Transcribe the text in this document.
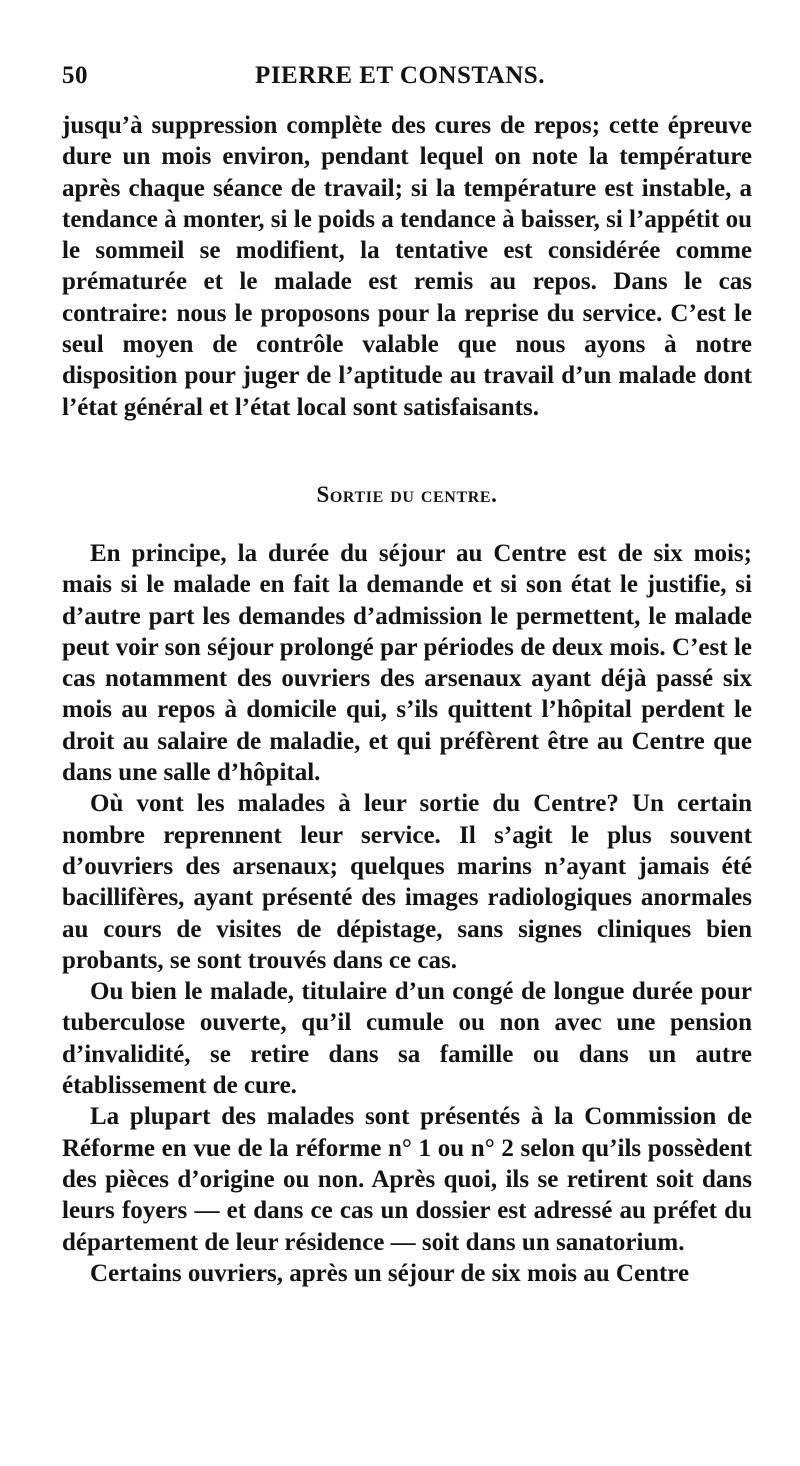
50	PIERRE ET CONSTANS.

jusqu’à suppression complète des cures de repos; cette épreuve dure un mois environ, pendant lequel on note la température après chaque séance de travail; si la température est instable, a tendance à monter, si le poids a tendance à baisser, si l’appétit ou le sommeil se modifient, la tentative est considérée comme prématurée et le malade est remis au repos. Dans le cas contraire: nous le proposons pour la reprise du service. C’est le seul moyen de contrôle valable que nous ayons à notre disposition pour juger de l’aptitude au travail d’un malade dont l’état général et l’état local sont satisfaisants.

Sortie du centre.

En principe, la durée du séjour au Centre est de six mois; mais si le malade en fait la demande et si son état le justifie, si d’autre part les demandes d’admission le permettent, le malade peut voir son séjour prolongé par périodes de deux mois. C’est le cas notamment des ouvriers des arsenaux ayant déjà passé six mois au repos à domicile qui, s’ils quittent l’hôpital perdent le droit au salaire de maladie, et qui préfèrent être au Centre que dans une salle d’hôpital.

Où vont les malades à leur sortie du Centre? Un certain nombre reprennent leur service. Il s’agit le plus souvent d’ouvriers des arsenaux; quelques marins n’ayant jamais été bacillifères, ayant présenté des images radiologiques anormales au cours de visites de dépistage, sans signes cliniques bien probants, se sont trouvés dans ce cas.

Ou bien le malade, titulaire d’un congé de longue durée pour tuberculose ouverte, qu’il cumule ou non avec une pension d’invalidité, se retire dans sa famille ou dans un autre établissement de cure.

La plupart des malades sont présentés à la Commission de Réforme en vue de la réforme n° 1 ou n° 2 selon qu’ils possèdent des pièces d’origine ou non. Après quoi, ils se retirent soit dans leurs foyers — et dans ce cas un dossier est adressé au préfet du département de leur résidence — soit dans un sanatorium.

Certains ouvriers, après un séjour de six mois au Centre
